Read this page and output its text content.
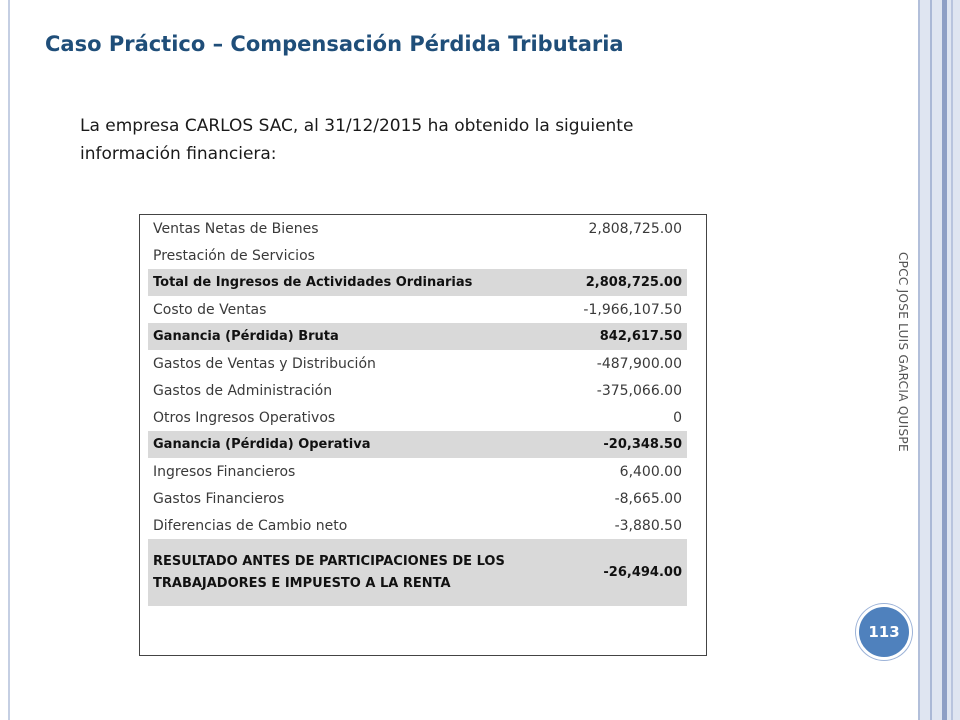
Caso Práctico – Compensación Pérdida Tributaria
La empresa CARLOS SAC, al 31/12/2015 ha obtenido la siguiente información financiera:
CPCC JOSE LUIS GARCIA QUISPE
113
Ventas Netas de Bienes	2,808,725.00
Prestación de Servicios	
Total de Ingresos de Actividades Ordinarias	2,808,725.00
Costo de Ventas	-1,966,107.50
Ganancia (Pérdida) Bruta	842,617.50
Gastos de Ventas y Distribución	-487,900.00
Gastos de Administración	-375,066.00
Otros Ingresos Operativos	0
Ganancia (Pérdida) Operativa	-20,348.50
Ingresos Financieros	6,400.00
Gastos Financieros	-8,665.00
Diferencias de Cambio neto	-3,880.50
RESULTADO ANTES DE PARTICIPACIONES DE LOS TRABAJADORES E IMPUESTO A LA RENTA	-26,494.00
